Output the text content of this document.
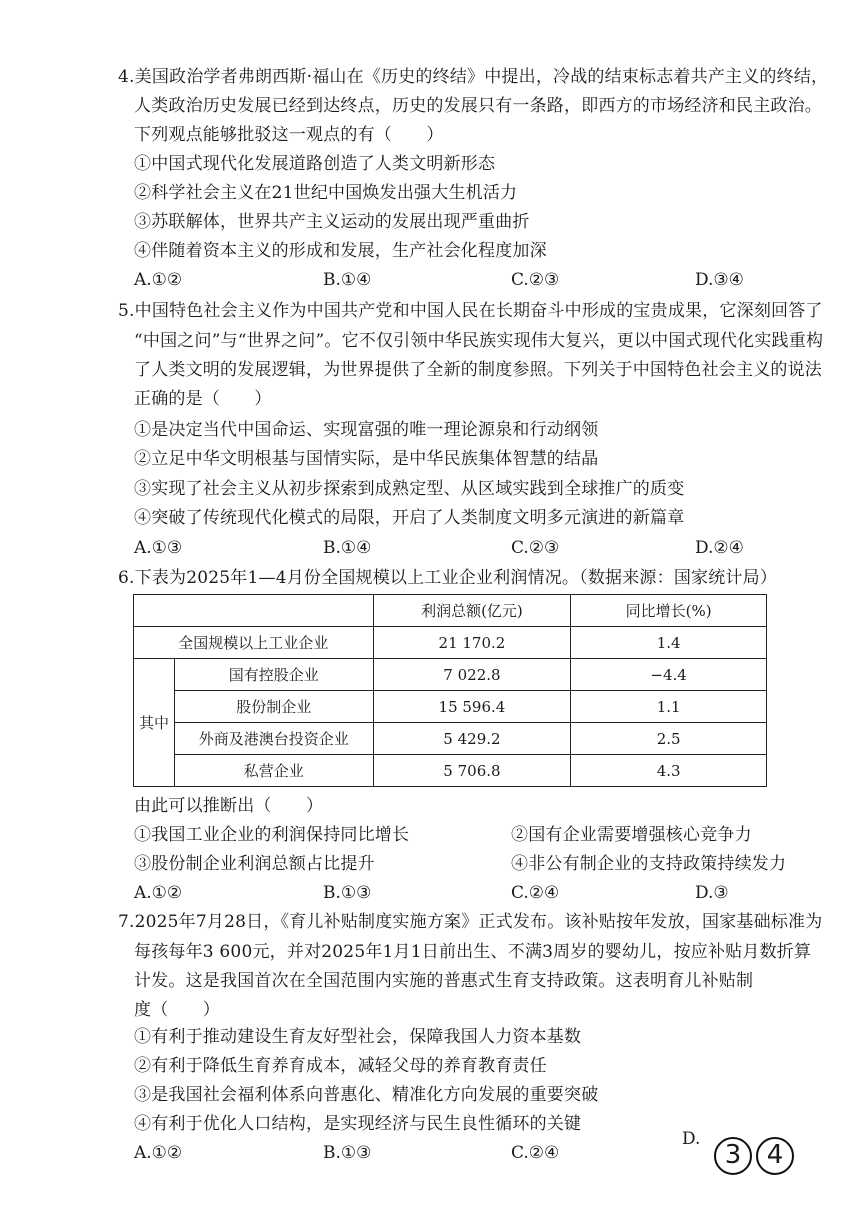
4.美国政治学者弗朗西斯·福山在《历史的终结》中提出，冷战的结束标志着共产主义的终结，
人类政治历史发展已经到达终点，历史的发展只有一条路，即西方的市场经济和民主政治。
下列观点能够批驳这一观点的有（　　）
①中国式现代化发展道路创造了人类文明新形态
②科学社会主义在21世纪中国焕发出强大生机活力
③苏联解体，世界共产主义运动的发展出现严重曲折
④伴随着资本主义的形成和发展，生产社会化程度加深
A.①②	B.①④	C.②③	D.③④
5.中国特色社会主义作为中国共产党和中国人民在长期奋斗中形成的宝贵成果，它深刻回答了
“中国之问”与“世界之问”。它不仅引领中华民族实现伟大复兴，更以中国式现代化实践重构
了人类文明的发展逻辑，为世界提供了全新的制度参照。下列关于中国特色社会主义的说法
正确的是（　　）
①是决定当代中国命运、实现富强的唯一理论源泉和行动纲领
②立足中华文明根基与国情实际，是中华民族集体智慧的结晶
③实现了社会主义从初步探索到成熟定型、从区域实践到全球推广的质变
④突破了传统现代化模式的局限，开启了人类制度文明多元演进的新篇章
A.①③	B.①④	C.②③	D.②④
6.下表为2025年1—4月份全国规模以上工业企业利润情况。（数据来源：国家统计局）
		利润总额(亿元)	同比增长(%)
全国规模以上工业企业		21 170.2	1.4
其中	国有控股企业	7 022.8	−4.4
	股份制企业	15 596.4	1.1
	外商及港澳台投资企业	5 429.2	2.5
	私营企业	5 706.8	4.3
由此可以推断出（　　）
①我国工业企业的利润保持同比增长	②国有企业需要增强核心竞争力
③股份制企业利润总额占比提升	④非公有制企业的支持政策持续发力
A.①②	B.①③	C.②④	D.③
7.2025年7月28日，《育儿补贴制度实施方案》正式发布。该补贴按年发放，国家基础标准为
每孩每年3 600元，并对2025年1月1日前出生、不满3周岁的婴幼儿，按应补贴月数折算
计发。这是我国首次在全国范围内实施的普惠式生育支持政策。这表明育儿补贴制
度（　　）
①有利于推动建设生育友好型社会，保障我国人力资本基数
②有利于降低生育养育成本，减轻父母的养育教育责任
③是我国社会福利体系向普惠化、精准化方向发展的重要突破
④有利于优化人口结构，是实现经济与民生良性循环的关键
A.①②	B.①③	C.②④
D.
3 4
